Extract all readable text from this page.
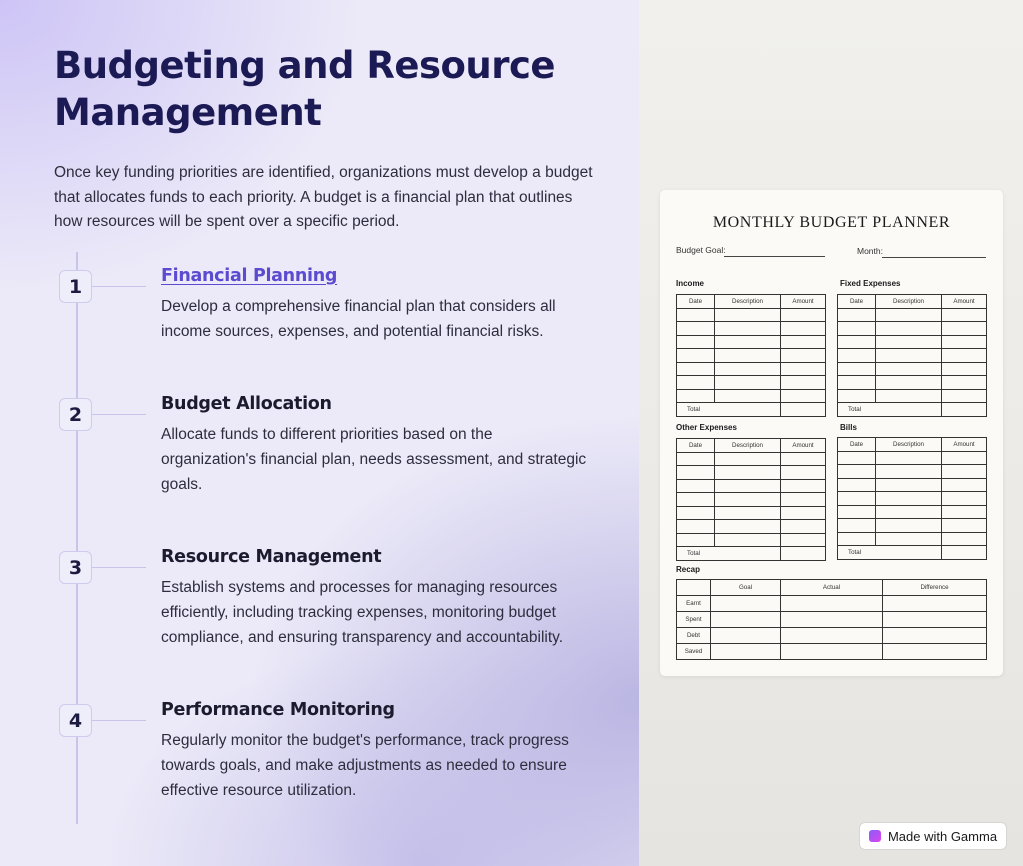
Budgeting and Resource Management

Once key funding priorities are identified, organizations must develop a budget that allocates funds to each priority. A budget is a financial plan that outlines how resources will be spent over a specific period.

1	Financial Planning

Develop a comprehensive financial plan that considers all income sources, expenses, and potential financial risks.

2	Budget Allocation

Allocate funds to different priorities based on the organization's financial plan, needs assessment, and strategic goals.

3	Resource Management

Establish systems and processes for managing resources efficiently, including tracking expenses, monitoring budget compliance, and ensuring transparency and accountability.

4	Performance Monitoring

Regularly monitor the budget's performance, track progress towards goals, and make adjustments as needed to ensure effective resource utilization.

MONTHLY BUDGET PLANNER
Budget Goal:	Month:
Income
Date	Description	Amount

Total		
Fixed Expenses
Date	Description	Amount

Total		
Other Expenses
Date	Description	Amount

Total		
Bills
Date	Description	Amount

Total		
Recap
	Goal	Actual	Difference
Earnt			
Spent			
Debt			
Saved			
Made with Gamma
